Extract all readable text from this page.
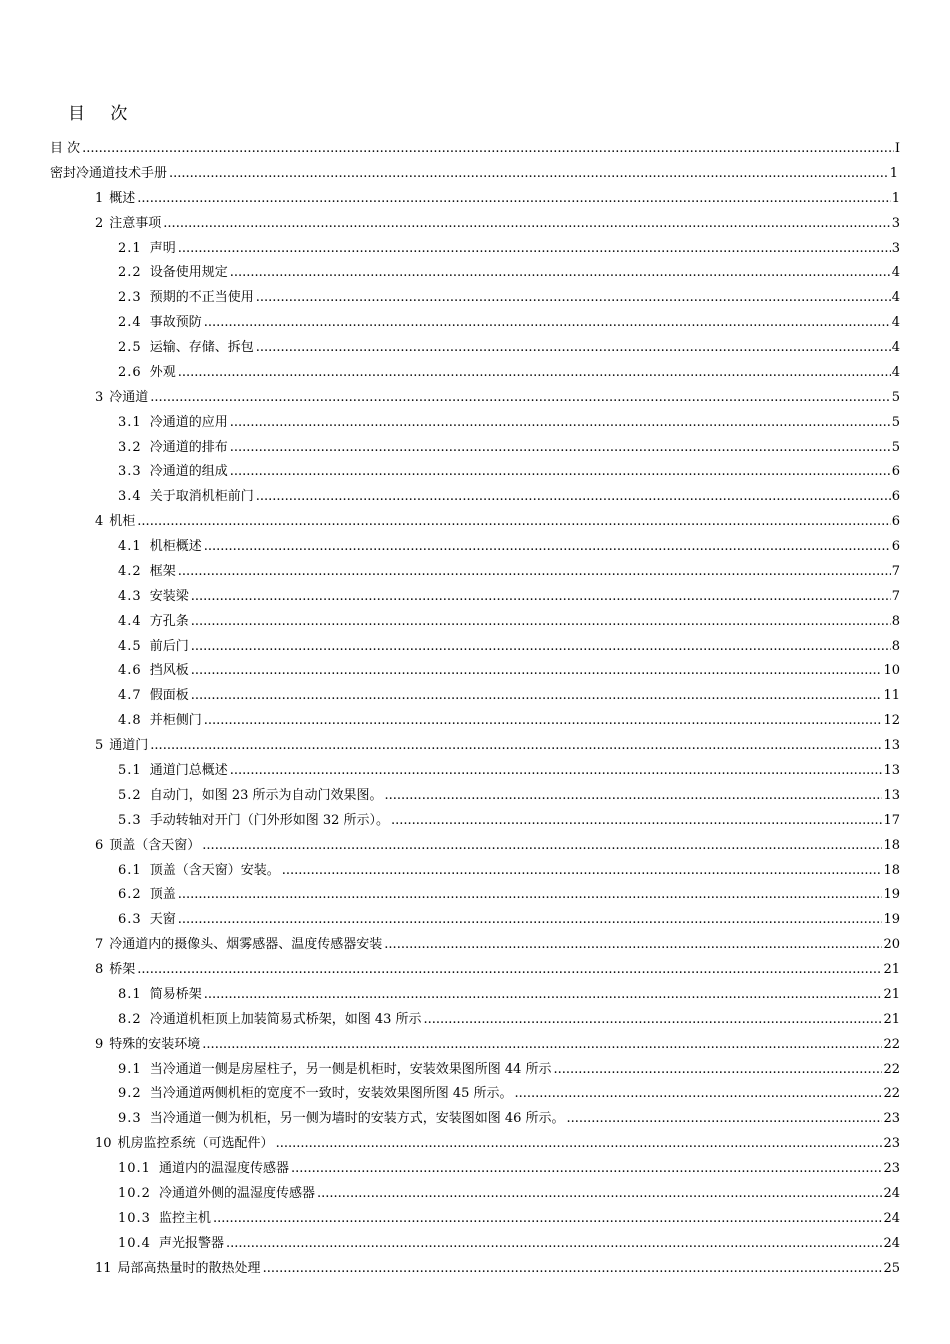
目 次
目 次 .....	I
密封冷通道技术手册 .....	1
1 概述 .....	1
2 注意事项 .....	3
2.1 声明 .....	3
2.2 设备使用规定 .....	4
2.3 预期的不正当使用 .....	4
2.4 事故预防 .....	4
2.5 运输、存储、拆包 .....	4
2.6 外观 .....	4
3 冷通道 .....	5
3.1 冷通道的应用 .....	5
3.2 冷通道的排布 .....	5
3.3 冷通道的组成 .....	6
3.4 关于取消机柜前门 .....	6
4 机柜 .....	6
4.1 机柜概述 .....	6
4.2 框架 .....	7
4.3 安装梁 .....	7
4.4 方孔条 .....	8
4.5 前后门 .....	8
4.6 挡风板 .....	10
4.7 假面板 .....	11
4.8 并柜侧门 .....	12
5 通道门 .....	13
5.1 通道门总概述 .....	13
5.2 自动门，如图 23 所示为自动门效果图。 .....	13
5.3 手动转轴对开门（门外形如图 32 所示）。 .....	17
6 顶盖（含天窗） .....	18
6.1 顶盖（含天窗）安装。 .....	18
6.2 顶盖 .....	19
6.3 天窗 .....	19
7 冷通道内的摄像头、烟雾感器、温度传感器安装 .....	20
8 桥架 .....	21
8.1 简易桥架 .....	21
8.2 冷通道机柜顶上加装简易式桥架，如图 43 所示 .....	21
9 特殊的安装环境 .....	22
9.1 当冷通道一侧是房屋柱子，另一侧是机柜时，安装效果图所图 44 所示 .....	22
9.2 当冷通道两侧机柜的宽度不一致时，安装效果图所图 45 所示。 .....	22
9.3 当冷通道一侧为机柜，另一侧为墙时的安装方式，安装图如图 46 所示。 .....	23
10 机房监控系统（可选配件） .....	23
10.1 通道内的温湿度传感器 .....	23
10.2 冷通道外侧的温湿度传感器 .....	24
10.3 监控主机 .....	24
10.4 声光报警器 .....	24
11 局部高热量时的散热处理 .....	25
